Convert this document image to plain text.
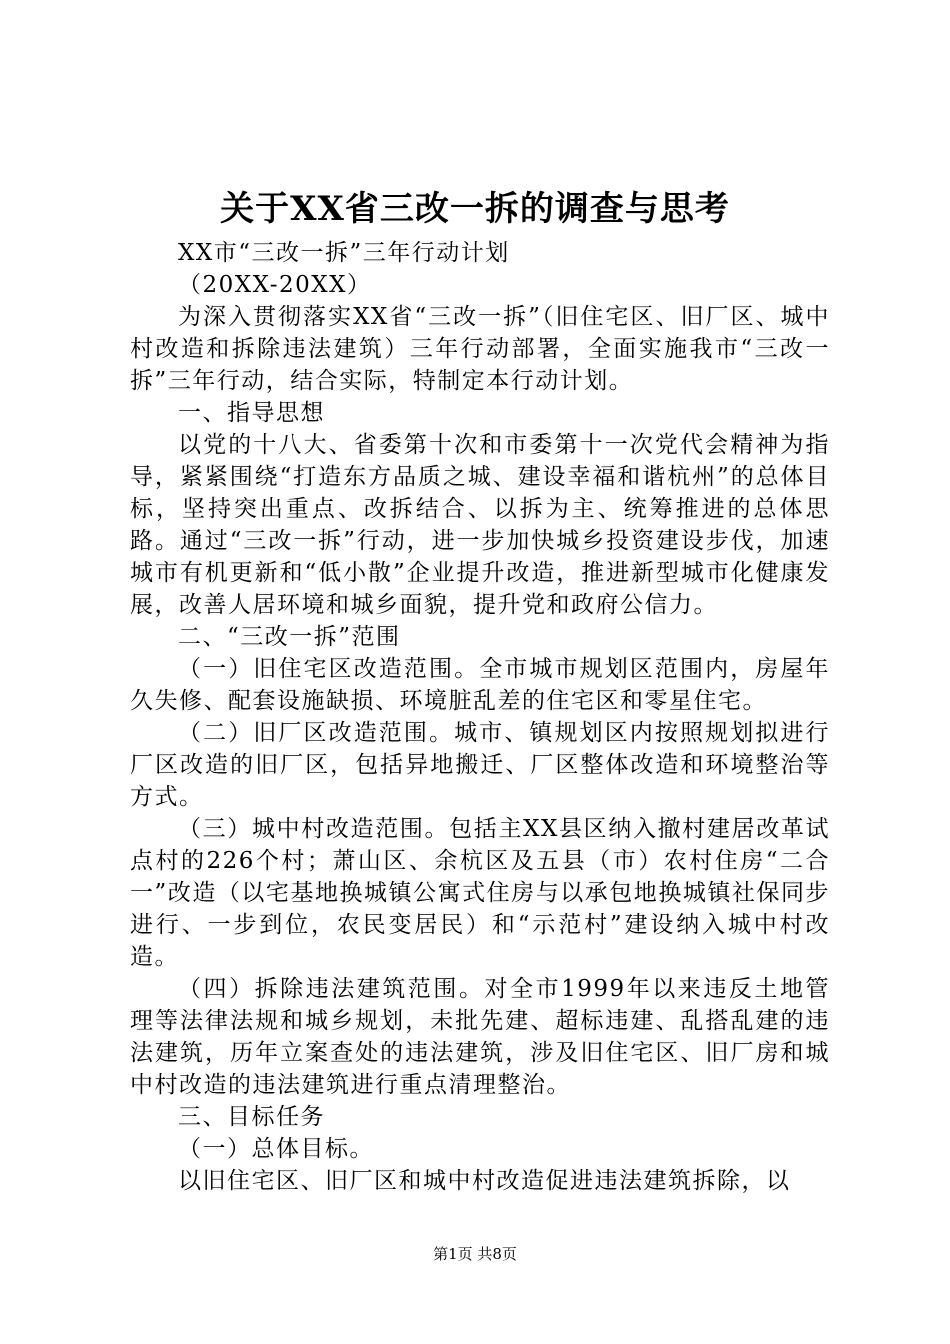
关于XX省三改一拆的调查与思考

XX市“三改一拆”三年行动计划

（20XX-20XX）

为深入贯彻落实XX省“三改一拆”（旧住宅区、旧厂区、城中村改造和拆除违法建筑）三年行动部署，全面实施我市“三改一拆”三年行动，结合实际，特制定本行动计划。

一、指导思想

以党的十八大、省委第十次和市委第十一次党代会精神为指导，紧紧围绕“打造东方品质之城、建设幸福和谐杭州”的总体目标，坚持突出重点、改拆结合、以拆为主、统筹推进的总体思路。通过“三改一拆”行动，进一步加快城乡投资建设步伐，加速城市有机更新和“低小散”企业提升改造，推进新型城市化健康发展，改善人居环境和城乡面貌，提升党和政府公信力。

二、“三改一拆”范围

（一）旧住宅区改造范围。全市城市规划区范围内，房屋年久失修、配套设施缺损、环境脏乱差的住宅区和零星住宅。

（二）旧厂区改造范围。城市、镇规划区内按照规划拟进行厂区改造的旧厂区，包括异地搬迁、厂区整体改造和环境整治等方式。

（三）城中村改造范围。包括主XX县区纳入撤村建居改革试点村的226个村；萧山区、余杭区及五县（市）农村住房“二合一”改造（以宅基地换城镇公寓式住房与以承包地换城镇社保同步进行、一步到位，农民变居民）和“示范村”建设纳入城中村改造。

（四）拆除违法建筑范围。对全市1999年以来违反土地管理等法律法规和城乡规划，未批先建、超标违建、乱搭乱建的违法建筑，历年立案查处的违法建筑，涉及旧住宅区、旧厂房和城中村改造的违法建筑进行重点清理整治。

三、目标任务

（一）总体目标。

以旧住宅区、旧厂区和城中村改造促进违法建筑拆除，以

第1页 共8页
